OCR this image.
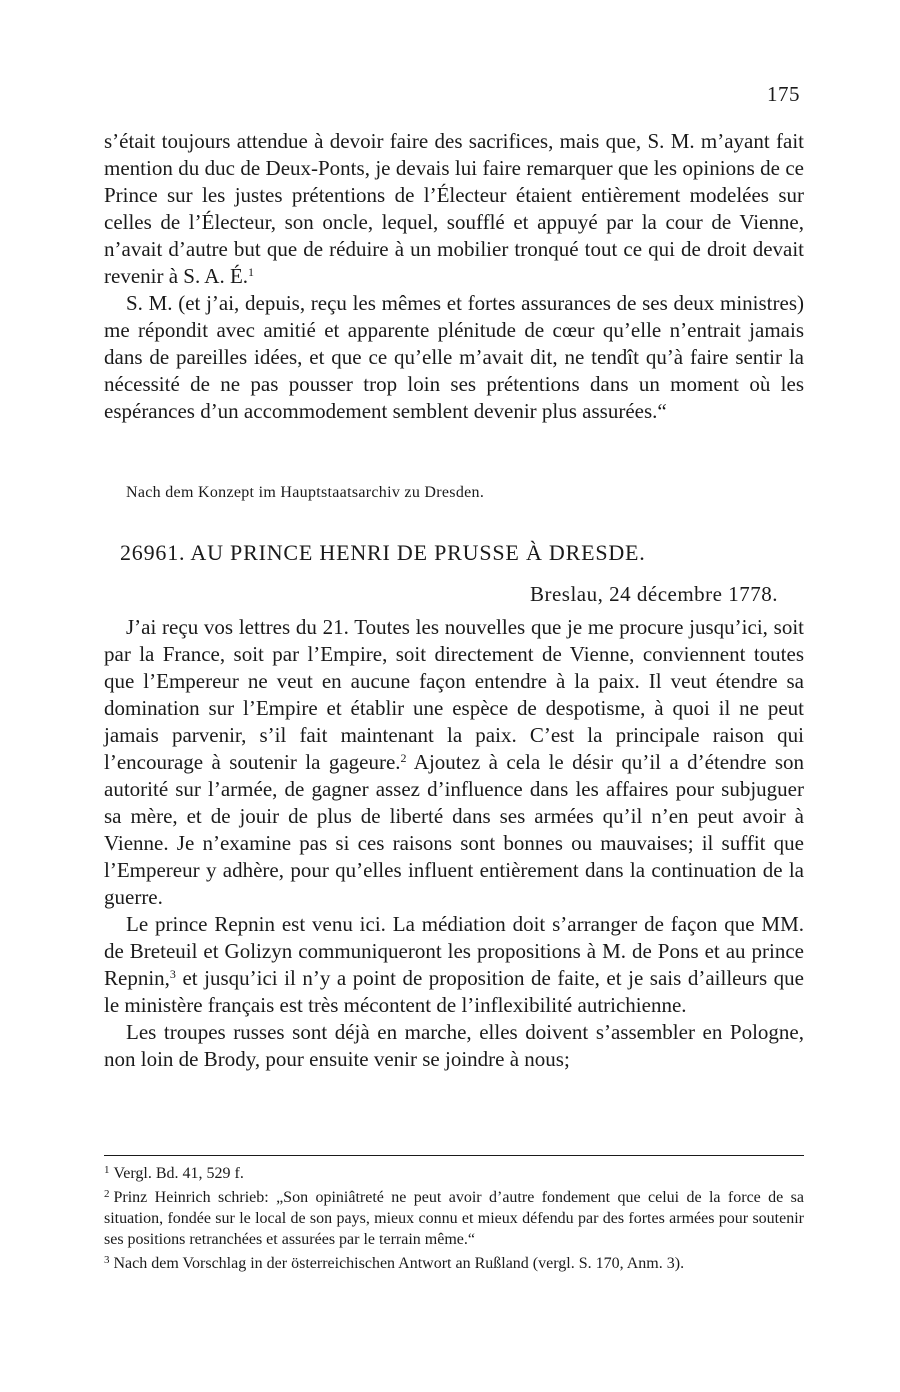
175

s’était toujours attendue à devoir faire des sacrifices, mais que, S. M. m’ayant fait mention du duc de Deux-Ponts, je devais lui faire remarquer que les opinions de ce Prince sur les justes prétentions de l’Électeur étaient entièrement modelées sur celles de l’Électeur, son oncle, lequel, soufflé et appuyé par la cour de Vienne, n’avait d’autre but que de réduire à un mobilier tronqué tout ce qui de droit devait revenir à S. A. É.$^1$

S. M. (et j’ai, depuis, reçu les mêmes et fortes assurances de ses deux ministres) me répondit avec amitié et apparente plénitude de cœur qu’elle n’entrait jamais dans de pareilles idées, et que ce qu’elle m’avait dit, ne tendît qu’à faire sentir la nécessité de ne pas pousser trop loin ses prétentions dans un moment où les espérances d’un accommodement semblent devenir plus assurées.“

Nach dem Konzept im Hauptstaatsarchiv zu Dresden.
26961. AU PRINCE HENRI DE PRUSSE À DRESDE.
Breslau, 24 décembre 1778.

J’ai reçu vos lettres du 21. Toutes les nouvelles que je me procure jusqu’ici, soit par la France, soit par l’Empire, soit directement de Vienne, conviennent toutes que l’Empereur ne veut en aucune façon entendre à la paix. Il veut étendre sa domination sur l’Empire et établir une espèce de despotisme, à quoi il ne peut jamais parvenir, s’il fait maintenant la paix. C’est la principale raison qui l’encourage à soutenir la gageure.$^2$ Ajoutez à cela le désir qu’il a d’étendre son autorité sur l’armée, de gagner assez d’influence dans les affaires pour subjuguer sa mère, et de jouir de plus de liberté dans ses armées qu’il n’en peut avoir à Vienne. Je n’examine pas si ces raisons sont bonnes ou mauvaises; il suffit que l’Empereur y adhère, pour qu’elles influent entièrement dans la continuation de la guerre.

Le prince Repnin est venu ici. La médiation doit s’arranger de façon que MM. de Breteuil et Golizyn communiqueront les propositions à M. de Pons et au prince Repnin,$^3$ et jusqu’ici il n’y a point de proposition de faite, et je sais d’ailleurs que le ministère français est très mécontent de l’inflexibilité autrichienne.

Les troupes russes sont déjà en marche, elles doivent s’assembler en Pologne, non loin de Brody, pour ensuite venir se joindre à nous;

$^1$ Vergl. Bd. 41, 529 f.

$^2$ Prinz Heinrich schrieb: „Son opiniâtreté ne peut avoir d’autre fondement que celui de la force de sa situation, fondée sur le local de son pays, mieux connu et mieux défendu par des fortes armées pour soutenir ses positions retranchées et assurées par le terrain même.“

$^3$ Nach dem Vorschlag in der österreichischen Antwort an Rußland (vergl. S. 170, Anm. 3).
